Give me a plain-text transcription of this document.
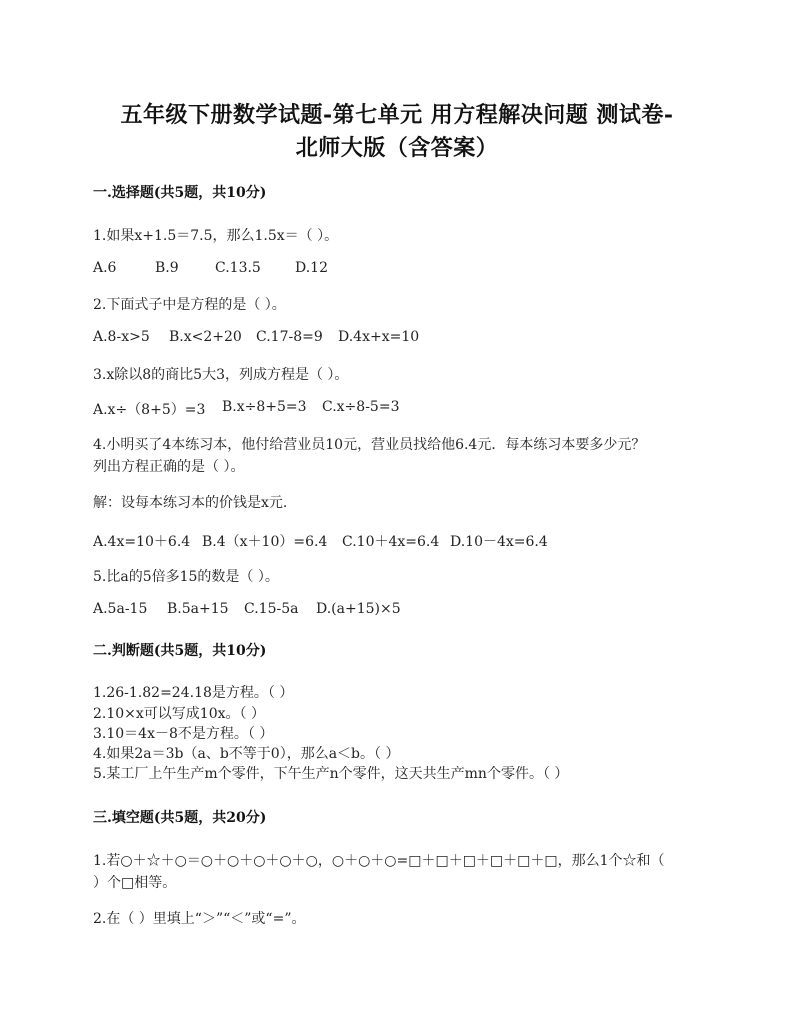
五年级下册数学试题-第七单元 用方程解决问题 测试卷-
北师大版（含答案）
一.选择题(共5题，共10分)
1.如果x+1.5＝7.5，那么1.5x＝（ ）。
A.6	B.9	C.13.5	D.12
2.下面式子中是方程的是（ ）。
A.8-x>5	B.x<2+20	C.17-8=9	D.4x+x=10
3.x除以8的商比5大3，列成方程是（ ）。
A.x÷（8+5）=3	B.x÷8+5=3	C.x÷8-5=3
4.小明买了4本练习本，他付给营业员10元，营业员找给他6.4元．每本练习本要多少元？
列出方程正确的是（ ）。
解：设每本练习本的价钱是x元.
A.4x=10＋6.4 B.4（x＋10）=6.4	C.10＋4x=6.4 D.10－4x=6.4
5.比a的5倍多15的数是（ ）。
A.5a-15	B.5a+15	C.15-5a	D.(a+15)×5
二.判断题(共5题，共10分)
1.26-1.82=24.18是方程。（ ）
2.10×x可以写成10x。（ ）
3.10＝4x－8不是方程。（ ）
4.如果2a＝3b（a、b不等于0），那么a＜b。（ ）
5.某工厂上午生产m个零件，下午生产n个零件，这天共生产mn个零件。（ ）
三.填空题(共5题，共20分)
1.若○＋☆＋○＝○＋○＋○＋○＋○，○＋○＋○=□＋□＋□＋□＋□＋□，那么1个☆和（
）个□相等。
2.在（ ）里填上“＞”“＜”或“=”。
